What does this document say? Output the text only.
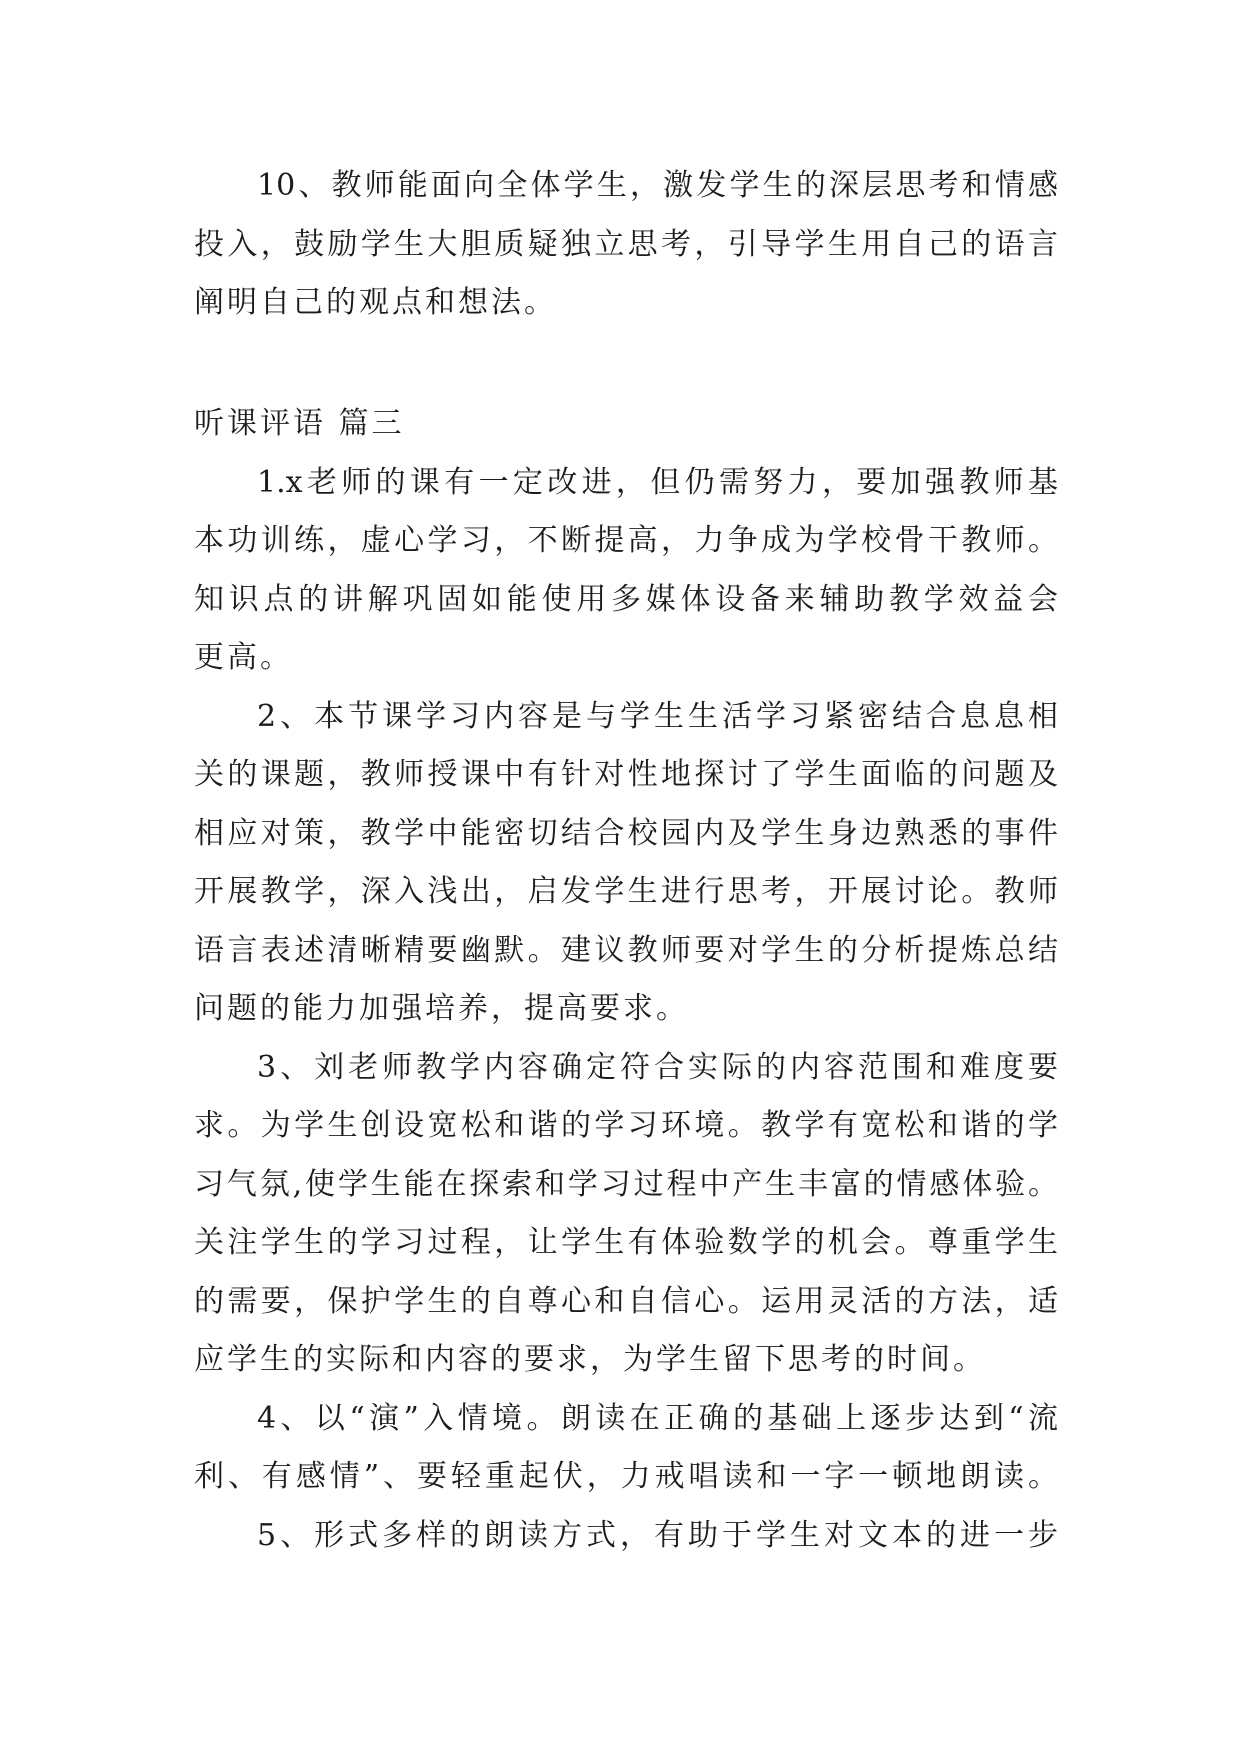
10、教师能面向全体学生，激发学生的深层思考和情感
投入，鼓励学生大胆质疑独立思考，引导学生用自己的语言
阐明自己的观点和想法。
听课评语 篇三
1.x老师的课有一定改进，但仍需努力，要加强教师基
本功训练，虚心学习，不断提高，力争成为学校骨干教师。
知识点的讲解巩固如能使用多媒体设备来辅助教学效益会
更高。
2、本节课学习内容是与学生生活学习紧密结合息息相
关的课题，教师授课中有针对性地探讨了学生面临的问题及
相应对策，教学中能密切结合校园内及学生身边熟悉的事件
开展教学，深入浅出，启发学生进行思考，开展讨论。教师
语言表述清晰精要幽默。建议教师要对学生的分析提炼总结
问题的能力加强培养，提高要求。
3、刘老师教学内容确定符合实际的内容范围和难度要
求。为学生创设宽松和谐的学习环境。教学有宽松和谐的学
习气氛,使学生能在探索和学习过程中产生丰富的情感体验。
关注学生的学习过程，让学生有体验数学的机会。尊重学生
的需要，保护学生的自尊心和自信心。运用灵活的方法，适
应学生的实际和内容的要求，为学生留下思考的时间。
4、以“演”入情境。朗读在正确的基础上逐步达到“流
利、有感情”、要轻重起伏，力戒唱读和一字一顿地朗读。
5、形式多样的朗读方式，有助于学生对文本的进一步
